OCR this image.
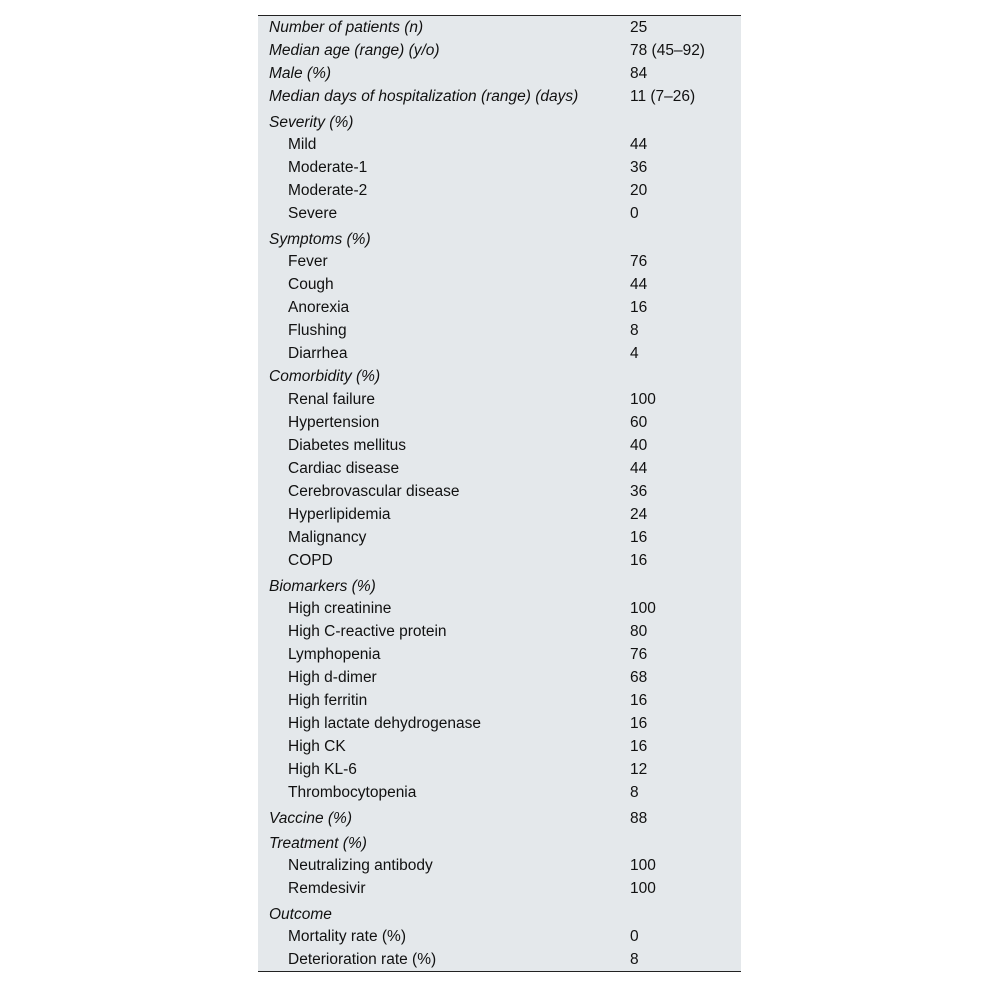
Number of patients (n)	25
Median age (range) (y/o)	78 (45–92)
Male (%)	84
Median days of hospitalization (range) (days)	11 (7–26)
Severity (%)
Mild	44
Moderate-1	36
Moderate-2	20
Severe	0
Symptoms (%)
Fever	76
Cough	44
Anorexia	16
Flushing	8
Diarrhea	4
Comorbidity (%)
Renal failure	100
Hypertension	60
Diabetes mellitus	40
Cardiac disease	44
Cerebrovascular disease	36
Hyperlipidemia	24
Malignancy	16
COPD	16
Biomarkers (%)
High creatinine	100
High C-reactive protein	80
Lymphopenia	76
High d-dimer	68
High ferritin	16
High lactate dehydrogenase	16
High CK	16
High KL-6	12
Thrombocytopenia	8
Vaccine (%)	88
Treatment (%)
Neutralizing antibody	100
Remdesivir	100
Outcome
Mortality rate (%)	0
Deterioration rate (%)	8
